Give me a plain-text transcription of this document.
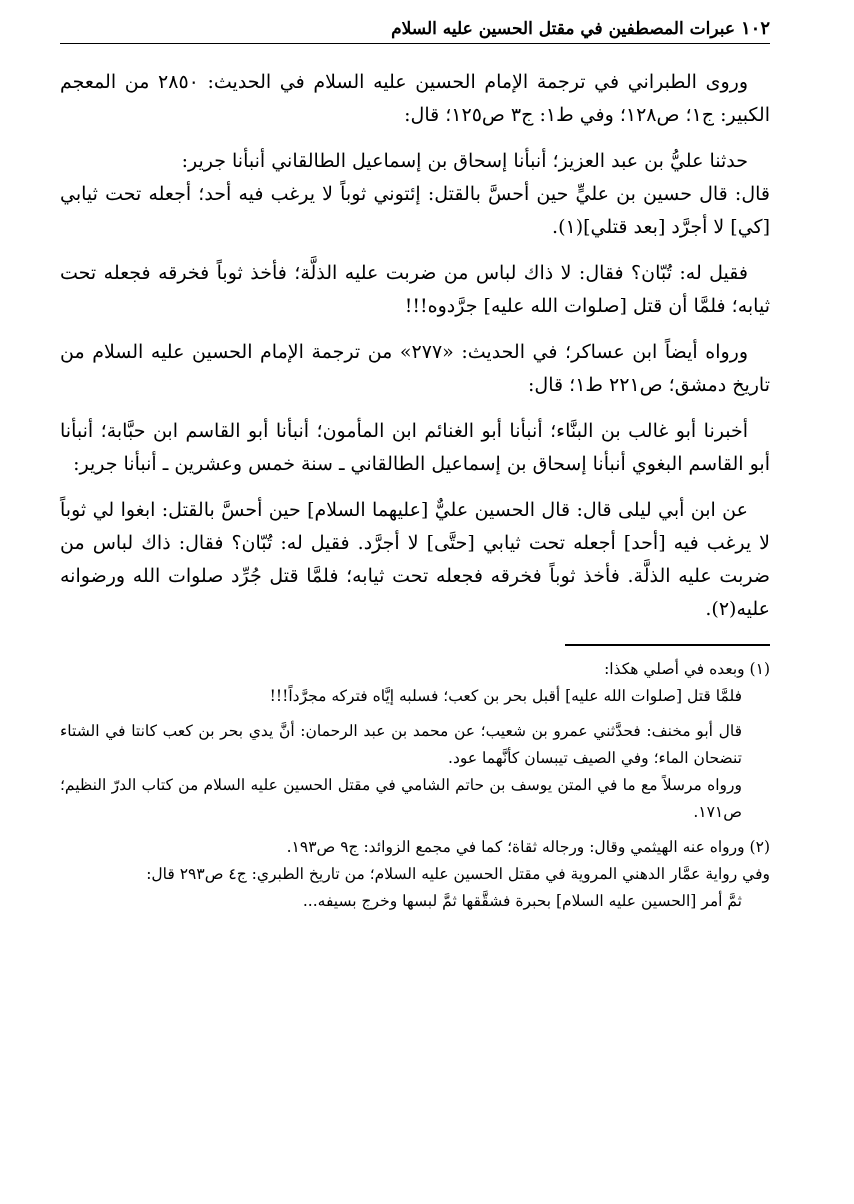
١٠٢
عبرات المصطفين في مقتل الحسين عليه السلام

وروى الطبراني في ترجمة الإمام الحسين عليه السلام في الحديث: ٢٨٥٠ من المعجم الكبير: ج١؛ ص١٢٨؛ وفي ط١: ج٣ ص١٢٥؛ قال:

حدثنا عليُّ بن عبد العزيز؛ أنبأنا إسحاق بن إسماعيل الطالقاني أنبأنا جرير:
قال: قال حسين بن عليٍّ حين أحسَّ بالقتل: إئتوني ثوباً لا يرغب فيه أحد؛ أجعله تحت ثيابي [كي] لا أجرَّد [بعد قتلي](١).

فقيل له: تُبّان؟ فقال: لا ذاك لباس من ضربت عليه الذلَّة؛ فأخذ ثوباً فخرقه فجعله تحت ثيابه؛ فلمَّا أن قتل [صلوات الله عليه] جرَّدوه!!!

ورواه أيضاً ابن عساكر؛ في الحديث: «٢٧٧» من ترجمة الإمام الحسين عليه السلام من تاريخ دمشق؛ ص٢٢١ ط١؛ قال:

أخبرنا أبو غالب بن البنَّاء؛ أنبأنا أبو الغنائم ابن المأمون؛ أنبأنا أبو القاسم ابن حبَّابة؛ أنبأنا أبو القاسم البغوي أنبأنا إسحاق بن إسماعيل الطالقاني ـ سنة خمس وعشرين ـ أنبأنا جرير:

عن ابن أبي ليلى قال: قال الحسين عليٌّ [عليهما السلام] حين أحسَّ بالقتل: ابغوا لي ثوباً لا يرغب فيه [أحد] أجعله تحت ثيابي [حتَّى] لا أجرَّد. فقيل له: تُبّان؟ فقال: ذاك لباس من ضربت عليه الذلَّة. فأخذ ثوباً فخرقه فجعله تحت ثيابه؛ فلمَّا قتل جُرِّد صلوات الله ورضوانه عليه(٢).

(١) وبعده في أصلي هكذا:

فلمَّا قتل [صلوات الله عليه] أقبل بحر بن كعب؛ فسلبه إيَّاه فتركه مجرَّداً!!!

قال أبو مخنف: فحدَّثني عمرو بن شعيب؛ عن محمد بن عبد الرحمان: أنَّ يدي بحر بن كعب كانتا في الشتاء تنضحان الماء؛ وفي الصيف تيبسان كأنَّهما عود.

ورواه مرسلاً مع ما في المتن يوسف بن حاتم الشامي في مقتل الحسين عليه السلام من كتاب الدرّ النظيم؛ ص١٧١.

(٢) ورواه عنه الهيثمي وقال: ورجاله ثقاة؛ كما في مجمع الزوائد: ج٩ ص١٩٣.

وفي رواية عمَّار الدهني المروية في مقتل الحسين عليه السلام؛ من تاريخ الطبري: ج٤ ص٢٩٣ قال:

ثمَّ أمر [الحسين عليه السلام] بحبرة فشقَّقها ثمَّ لبسها وخرج بسيفه...
